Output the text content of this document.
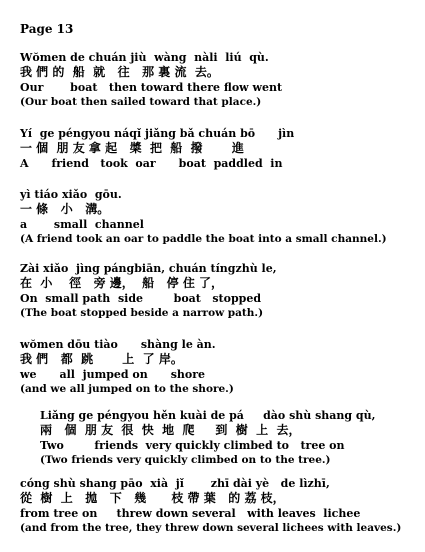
Page 13
Wŏmen de chuán jiù  wàng  nàli  liú  qù.
我 們 的  船  就   往   那 裏 流  去。
Our       boat   then toward there flow went
(Our boat then sailed toward that place.)
Yí  ge péngyou náqǐ jiǎng bǎ chuán bō      jìn
一 個  朋 友 拿 起   槳  把  船  撥       進
A      friend   took  oar      boat  paddled  in
yì tiáo xiǎo  gōu.
一 條   小   溝。
a       small  channel
(A friend took an oar to paddle the boat into a small channel.)
Zài xiǎo  jìng pángbiān, chuán tíngzhù le,
在  小    徑   旁 邊，  船   停 住 了，
On  small path  side        boat   stopped
(The boat stopped beside a narrow path.)
wŏmen dōu tiào      shàng le àn.
我 們   都  跳       上  了 岸。
we      all  jumped on      shore
(and we all jumped on to the shore.)
Liǎng ge péngyou hěn kuài de pá     dào shù shang qù,
兩   個  朋 友  很  快  地  爬     到  樹  上  去，
Two        friends  very quickly climbed to   tree on
(Two friends very quickly climbed on to the tree.)
cóng shù shang pāo  xià  jǐ       zhī dài yè   de lìzhī,
從  樹  上   拋   下   幾      枝 帶 葉   的 荔 枝，
from tree on     threw down several   with leaves  lichee
(and from the tree, they threw down several lichees with leaves.)
